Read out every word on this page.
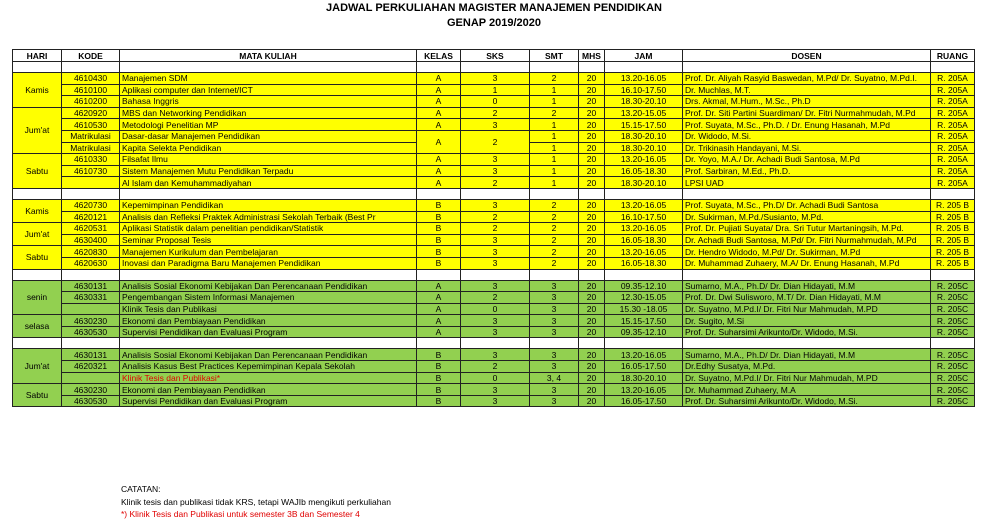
JADWAL PERKULIAHAN MAGISTER MANAJEMEN PENDIDIKAN
GENAP 2019/2020
HARI	KODE	MATA KULIAH	KELAS	SKS	SMT	MHS	JAM	DOSEN	RUANG

Kamis	4610430	Manajemen SDM	A	3	2	20	13.20-16.05	Prof. Dr. Aliyah Rasyid Baswedan, M.Pd/ Dr. Suyatno, M.Pd.I.	R. 205A
	4610100	Aplikasi computer dan Internet/ICT	A	1	1	20	16.10-17.50	Dr. Muchlas, M.T.	R. 205A
	4610200	Bahasa Inggris	A	0	1	20	18.30-20.10	Drs. Akmal, M.Hum., M.Sc., Ph.D	R. 205A
Jum'at	4620920	MBS dan Networking Pendidikan	A	2	2	20	13.20-15.05	Prof. Dr. Siti Partini Suardiman/ Dr. Fitri Nurmahmudah, M.Pd	R. 205A
	4610530	Metodologi Penelitian MP	A	3	1	20	15.15-17.50	Prof. Suyata, M.Sc., Ph.D. / Dr. Enung Hasanah, M.Pd	R. 205A
	Matrikulasi	Dasar-dasar Manajemen Pendidikan	A	2	1	20	18.30-20.10	Dr. Widodo, M.Si.	R. 205A
	Matrikulasi	Kapita Selekta Pendidikan			1	20	18.30-20.10	Dr. Trikinasih Handayani, M.Si.	R. 205A
Sabtu	4610330	Filsafat Ilmu	A	3	1	20	13.20-16.05	Dr. Yoyo, M.A./ Dr. Achadi Budi Santosa, M.Pd	R. 205A
	4610730	Sistem Manajemen Mutu Pendidikan Terpadu	A	3	1	20	16.05-18.30	Prof. Sarbiran, M.Ed., Ph.D.	R. 205A
		Al Islam dan Kemuhammadiyahan	A	2	1	20	18.30-20.10	LPSI UAD	R. 205A

Kamis	4620730	Kepemimpinan Pendidikan	B	3	2	20	13.20-16.05	Prof. Suyata, M.Sc., Ph.D/ Dr. Achadi Budi Santosa	R. 205 B
	4620121	Analisis dan Refleksi Praktek Administrasi Sekolah Terbaik (Best Pr	B	2	2	20	16.10-17.50	Dr. Sukirman, M.Pd./Susianto, M.Pd.	R. 205 B
Jum'at	4620531	Aplikasi Statistik dalam penelitian pendidikan/Statistik	B	2	2	20	13.20-16.05	Prof. Dr. Pujiati Suyata/ Dra. Sri Tutur Martaningsih, M.Pd.	R. 205 B
	4630400	Seminar Proposal Tesis	B	3	2	20	16.05-18.30	Dr. Achadi Budi Santosa, M.Pd/ Dr. Fitri Nurmahmudah, M.Pd	R. 205 B
Sabtu	4620830	Manajemen Kurikulum dan Pembelajaran	B	3	2	20	13.20-16.05	Dr. Hendro Widodo, M.Pd/ Dr. Sukirman, M.Pd	R. 205 B
	4620630	Inovasi dan Paradigma Baru Manajemen Pendidikan	B	3	2	20	16.05-18.30	Dr. Muhammad Zuhaery, M.A/ Dr. Enung Hasanah, M.Pd	R. 205 B

senin	4630131	Analisis Sosial Ekonomi Kebijakan Dan Perencanaan Pendidikan	A	3	3	20	09.35-12.10	Sumarno, M.A., Ph.D/ Dr. Dian Hidayati, M.M	R. 205C
	4630331	Pengembangan Sistem Informasi Manajemen	A	2	3	20	12.30-15.05	Prof. Dr. Dwi Sulisworo, M.T/ Dr. Dian Hidayati, M.M	R. 205C
		Klinik Tesis dan Publikasi	A	0	3	20	15.30 -18.05	Dr. Suyatno, M.Pd.I/ Dr. Fitri Nur Mahmudah, M.PD	R. 205C
selasa	4630230	Ekonomi dan Pembiayaan Pendidikan	A	3	3	20	15.15-17.50	Dr. Sugito, M.Si	R. 205C
	4630530	Supervisi Pendidikan dan Evaluasi Program	A	3	3	20	09.35-12.10	Prof. Dr. Suharsimi Arikunto/Dr. Widodo, M.Si.	R. 205C

Jum'at	4630131	Analisis Sosial Ekonomi Kebijakan Dan Perencanaan Pendidikan	B	3	3	20	13.20-16.05	Sumarno, M.A., Ph.D/ Dr. Dian Hidayati, M.M	R. 205C
	4620321	Analisis Kasus Best Practices Kepemimpinan Kepala Sekolah	B	2	3	20	16.05-17.50	Dr.Edhy Susatya, M.Pd.	R. 205C
		Klinik Tesis dan Publikasi*	B	0	3, 4	20	18.30-20.10	Dr. Suyatno, M.Pd.I/ Dr. Fitri Nur Mahmudah, M.PD	R. 205C
Sabtu	4630230	Ekonomi dan Pembiayaan Pendidikan	B	3	3	20	13.20-16.05	Dr. Muhammad Zuhaery, M.A	R. 205C
	4630530	Supervisi Pendidikan dan Evaluasi Program	B	3	3	20	16.05-17.50	Prof. Dr. Suharsimi Arikunto/Dr. Widodo, M.Si.	R. 205C
CATATAN:
Klinik tesis dan publikasi tidak KRS, tetapi WAJIb mengikuti perkuliahan
*) Klinik Tesis dan Publikasi untuk semester 3B dan Semester 4
